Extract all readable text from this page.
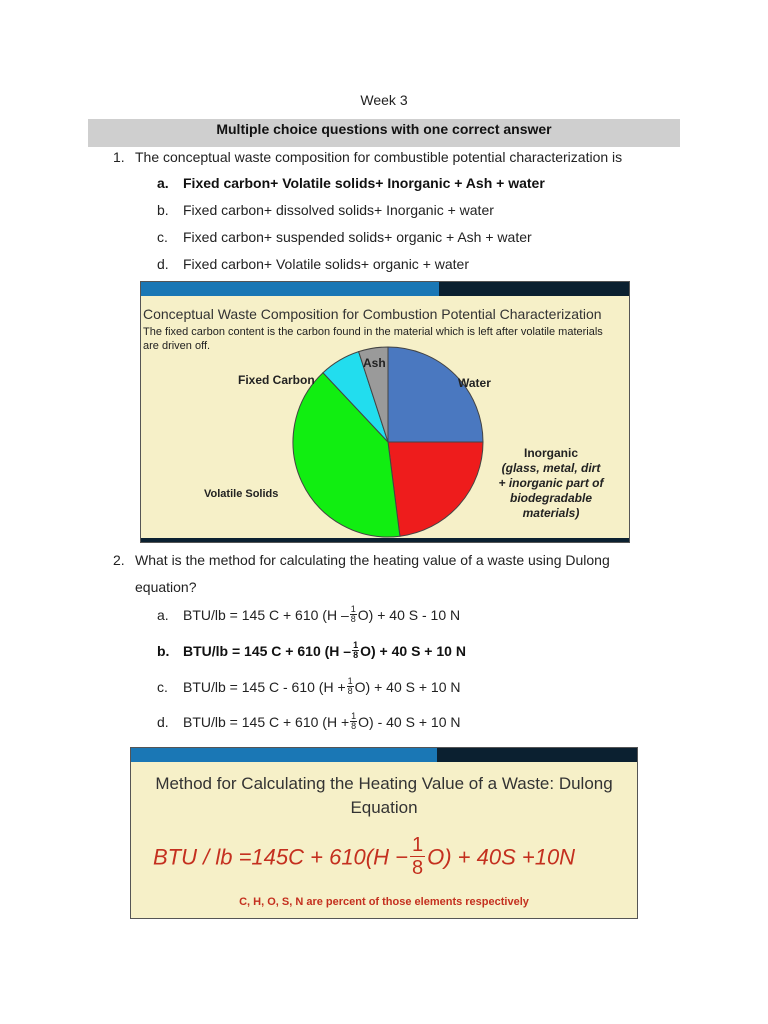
Week 3
Multiple choice questions with one correct answer
1. The conceptual waste composition for combustible potential characterization is
a. Fixed carbon+ Volatile solids+ Inorganic + Ash + water
b. Fixed carbon+ dissolved solids+ Inorganic + water
c. Fixed carbon+ suspended solids+ organic + Ash + water
d. Fixed carbon+ Volatile solids+ organic + water
Conceptual Waste Composition for Combustion Potential Characterization
The fixed carbon content is the carbon found in the material which is left after volatile materials are driven off.
Ash
Fixed Carbon	Water
Volatile Solids
Inorganic
(glass, metal, dirt
+ inorganic part of
biodegradable
materials)
2. What is the method for calculating the heating value of a waste using Dulong
equation?
a. BTU/lb = 145 C + 610 $(H - \frac{1}{8} O) + 40$ S - 10 N
b. BTU/lb = 145 C + 610 $(H - \frac{1}{8} O) + 40$ S + 10 N
c. BTU/lb = 145 C - 610 $(H + \frac{1}{8} O) + 40$ S + 10 N
d. BTU/lb = 145 C + 610 $(H + \frac{1}{8} O) - 40$ S + 10 N
Method for Calculating the Heating Value of a Waste: Dulong
Equation
BTU / lb $=145C + 610(H - \frac{1}{8} O) + 40S +10N$
C, H, O, S, N are percent of those elements respectively
